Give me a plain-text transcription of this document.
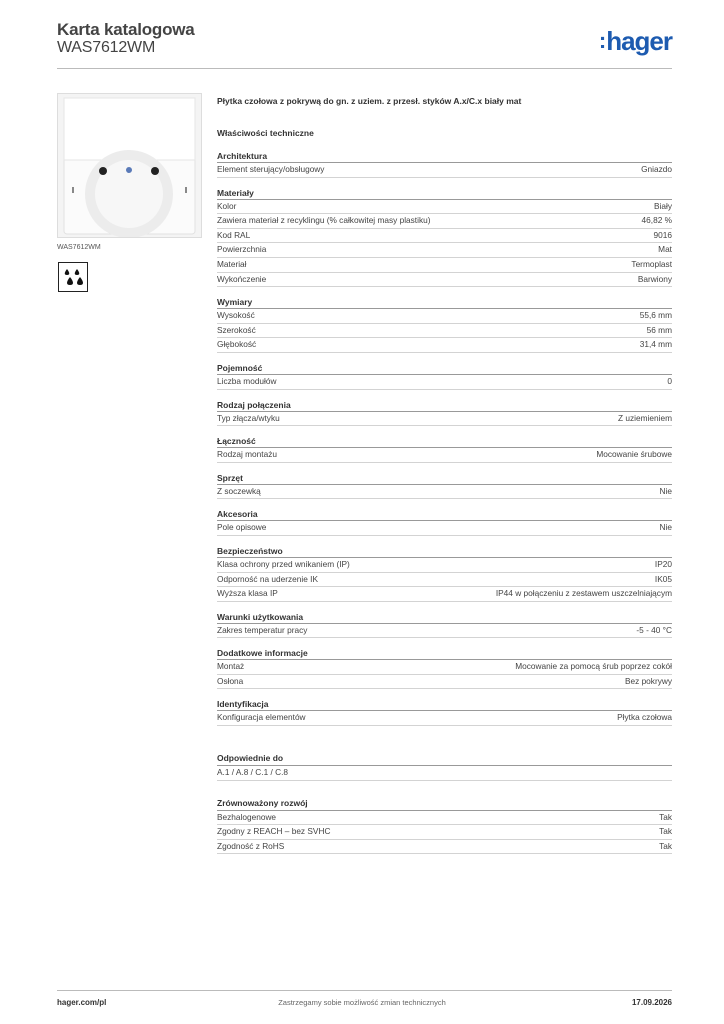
Karta katalogowa
WAS7612WM	:hager
WAS7612WM
Płytka czołowa z pokrywą do gn. z uziem. z przesł. styków A.x/C.x biały mat
Właściwości techniczne
Architektura
Element sterujący/obsługowy	Gniazdo
Materiały
Kolor	Biały
Zawiera materiał z recyklingu (% całkowitej masy plastiku)	46,82 %
Kod RAL	9016
Powierzchnia	Mat
Materiał	Termoplast
Wykończenie	Barwiony
Wymiary
Wysokość	55,6 mm
Szerokość	56 mm
Głębokość	31,4 mm
Pojemność
Liczba modułów	0
Rodzaj połączenia
Typ złącza/wtyku	Z uziemieniem
Łączność
Rodzaj montażu	Mocowanie śrubowe
Sprzęt
Z soczewką	Nie
Akcesoria
Pole opisowe	Nie
Bezpieczeństwo
Klasa ochrony przed wnikaniem (IP)	IP20
Odporność na uderzenie IK	IK05
Wyższa klasa IP	IP44 w połączeniu z zestawem uszczelniającym
Warunki użytkowania
Zakres temperatur pracy	-5 - 40 °C
Dodatkowe informacje
Montaż	Mocowanie za pomocą śrub poprzez cokół
Osłona	Bez pokrywy
Identyfikacja
Konfiguracja elementów	Płytka czołowa
Odpowiednie do
A.1 / A.8 / C.1 / C.8
Zrównoważony rozwój
Bezhalogenowe	Tak
Zgodny z REACH – bez SVHC	Tak
Zgodność z RoHS	Tak
hager.com/pl	Zastrzegamy sobie możliwość zmian technicznych	17.09.2026
